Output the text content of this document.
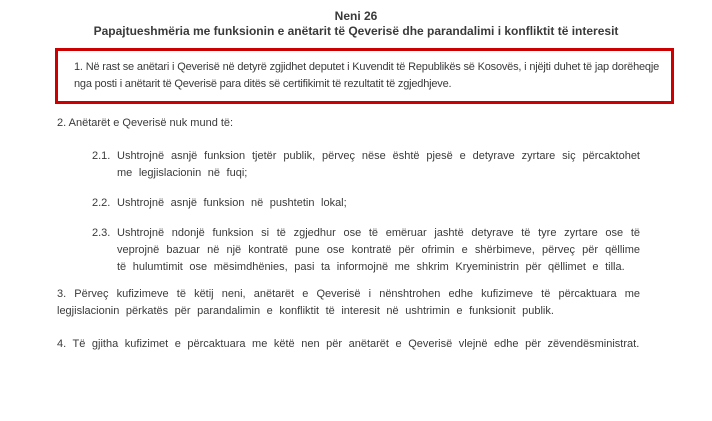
Neni 26
Papajtueshmëria me funksionin e anëtarit të Qeverisë dhe parandalimi i konfliktit të interesit

1. Në rast se anëtari i Qeverisë në detyrë zgjidhet deputet i Kuvendit të Republikës së Kosovës, i njëjti duhet të jap dorëheqje nga posti i anëtarit të Qeverisë para ditës së certifikimit të rezultatit të zgjedhjeve.

2. Anëtarët e Qeverisë nuk mund të:

2.1. Ushtrojnë asnjë funksion tjetër publik, përveç nëse është pjesë e detyrave zyrtare siç përcaktohet me legjislacionin në fuqi;
2.2. Ushtrojnë asnjë funksion në pushtetin lokal;
2.3. Ushtrojnë ndonjë funksion si të zgjedhur ose të emëruar jashtë detyrave të tyre zyrtare ose të veprojnë bazuar në një kontratë pune ose kontratë për ofrimin e shërbimeve, përveç për qëllime të hulumtimit ose mësimdhënies, pasi ta informojnë me shkrim Kryeministrin për qëllimet e tilla.

3. Përveç kufizimeve të këtij neni, anëtarët e Qeverisë i nënshtrohen edhe kufizimeve të përcaktuara me legjislacionin përkatës për parandalimin e konfliktit të interesit në ushtrimin e funksionit publik.

4. Të gjitha kufizimet e përcaktuara me këtë nen për anëtarët e Qeverisë vlejnë edhe për zëvendësministrat.
